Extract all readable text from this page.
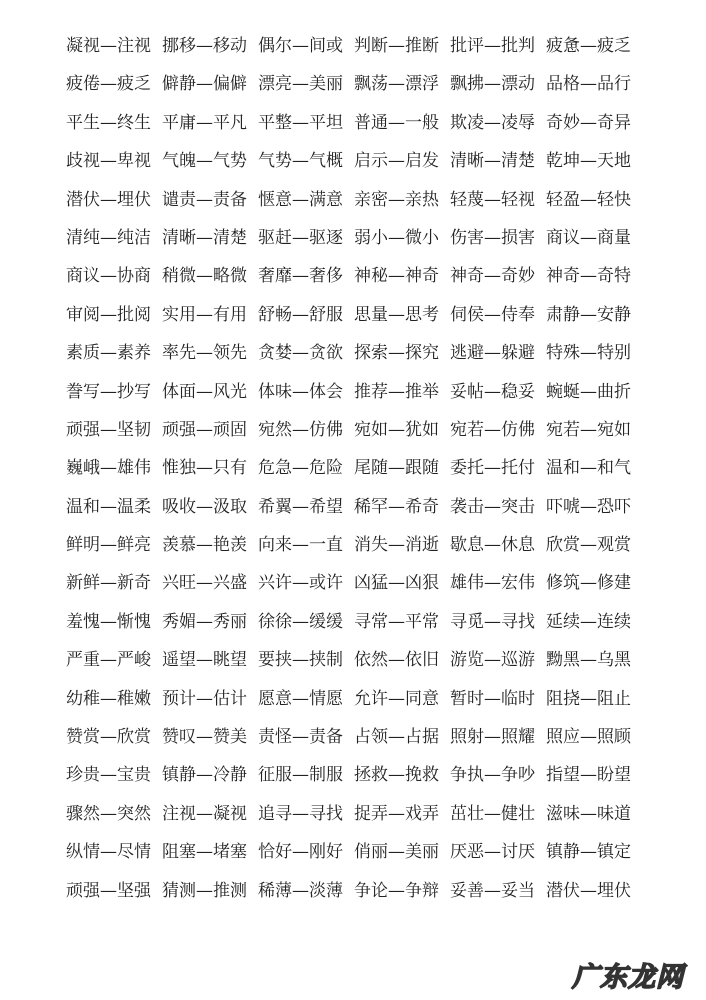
凝视—注视 挪移—移动 偶尔—间或 判断—推断 批评—批判 疲惫—疲乏
疲倦—疲乏 僻静—偏僻 漂亮—美丽 飘荡—漂浮 飘拂—漂动 品格—品行
平生—终生 平庸—平凡 平整—平坦 普通—一般 欺凌—凌辱 奇妙—奇异
歧视—卑视 气魄—气势 气势—气概 启示—启发 清晰—清楚 乾坤—天地
潜伏—埋伏 谴责—责备 惬意—满意 亲密—亲热 轻蔑—轻视 轻盈—轻快
清纯—纯洁 清晰—清楚 驱赶—驱逐 弱小—微小 伤害—损害 商议—商量
商议—协商 稍微—略微 奢靡—奢侈 神秘—神奇 神奇—奇妙 神奇—奇特
审阅—批阅 实用—有用 舒畅—舒服 思量—思考 伺侯—侍奉 肃静—安静
素质—素养 率先—领先 贪婪—贪欲 探索—探究 逃避—躲避 特殊—特别
誊写—抄写 体面—风光 体味—体会 推荐—推举 妥帖—稳妥 蜿蜒—曲折
顽强—坚韧 顽强—顽固 宛然—仿佛 宛如—犹如 宛若—仿佛 宛若—宛如
巍峨—雄伟 惟独—只有 危急—危险 尾随—跟随 委托—托付 温和—和气
温和—温柔 吸收—汲取 希翼—希望 稀罕—希奇 袭击—突击 吓唬—恐吓
鲜明—鲜亮 羡慕—艳羡 向来—一直 消失—消逝 歇息—休息 欣赏—观赏
新鲜—新奇 兴旺—兴盛 兴许—或许 凶猛—凶狠 雄伟—宏伟 修筑—修建
羞愧—惭愧 秀媚—秀丽 徐徐—缓缓 寻常—平常 寻觅—寻找 延续—连续
严重—严峻 遥望—眺望 要挟—挟制 依然—依旧 游览—巡游 黝黑—乌黑
幼稚—稚嫩 预计—估计 愿意—情愿 允许—同意 暂时—临时 阻挠—阻止
赞赏—欣赏 赞叹—赞美 责怪—责备 占领—占据 照射—照耀 照应—照顾
珍贵—宝贵 镇静—冷静 征服—制服 拯救—挽救 争执—争吵 指望—盼望
骤然—突然 注视—凝视 追寻—寻找 捉弄—戏弄 茁壮—健壮 滋味—味道
纵情—尽情 阻塞—堵塞 恰好—刚好 俏丽—美丽 厌恶—讨厌 镇静—镇定
顽强—坚强 猜测—推测 稀薄—淡薄 争论—争辩 妥善—妥当 潜伏—埋伏
广东龙网
